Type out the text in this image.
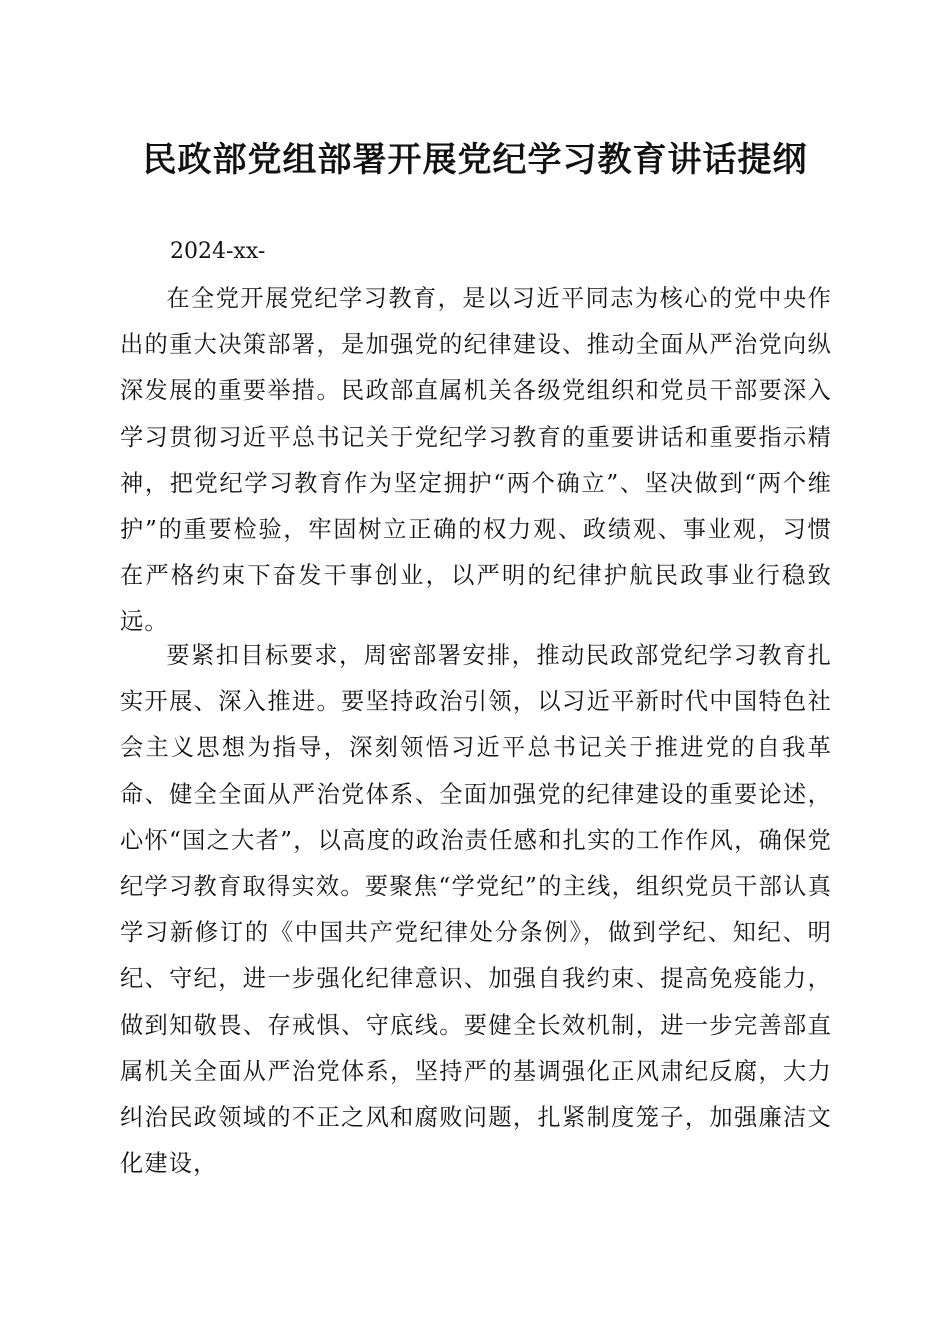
民政部党组部署开展党纪学习教育讲话提纲

2024-xx-

在全党开展党纪学习教育，是以习近平同志为核心的党中央作出的重大决策部署，是加强党的纪律建设、推动全面从严治党向纵深发展的重要举措。民政部直属机关各级党组织和党员干部要深入学习贯彻习近平总书记关于党纪学习教育的重要讲话和重要指示精神，把党纪学习教育作为坚定拥护“两个确立”、坚决做到“两个维护”的重要检验，牢固树立正确的权力观、政绩观、事业观，习惯在严格约束下奋发干事创业，以严明的纪律护航民政事业行稳致远。

要紧扣目标要求，周密部署安排，推动民政部党纪学习教育扎实开展、深入推进。要坚持政治引领，以习近平新时代中国特色社会主义思想为指导，深刻领悟习近平总书记关于推进党的自我革命、健全全面从严治党体系、全面加强党的纪律建设的重要论述，心怀“国之大者”，以高度的政治责任感和扎实的工作作风，确保党纪学习教育取得实效。要聚焦“学党纪”的主线，组织党员干部认真学习新修订的《中国共产党纪律处分条例》，做到学纪、知纪、明纪、守纪，进一步强化纪律意识、加强自我约束、提高免疫能力，做到知敬畏、存戒惧、守底线。要健全长效机制，进一步完善部直属机关全面从严治党体系，坚持严的基调强化正风肃纪反腐，大力纠治民政领域的不正之风和腐败问题，扎紧制度笼子，加强廉洁文化建设，
